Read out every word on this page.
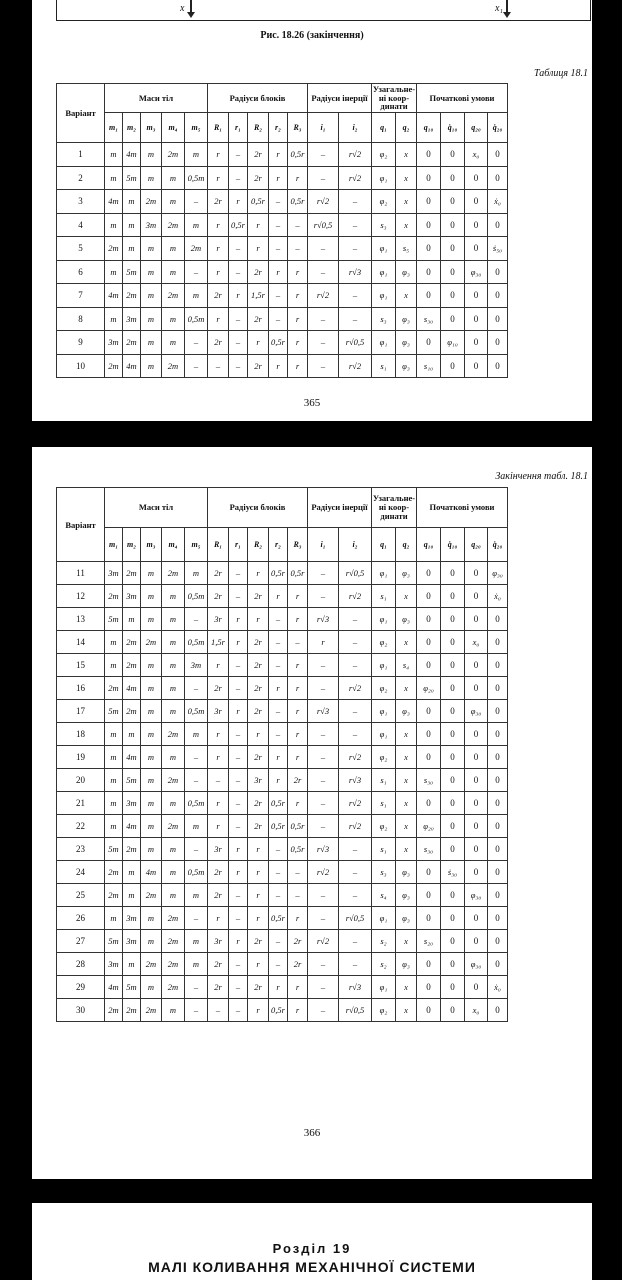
x	x₁
Рис. 18.26 (закінчення)
Таблиця 18.1
Варіант	Маси тіл					Радіуси блоків					Радіуси інерції		Узагальне-ні коор-динати		Початкові умови			
	m₁	m₂	m₃	m₄	m₅	R₁	r₁	R₂	r₂	R₃	i₁	i₂	q₁	q₂	q₁₀	q̇₁₀	q₂₀	q̇₂₀
1	m	4m	m	2m	m	r	–	2r	r	0,5r	–	r√2	φ₂	x	0	0	x₀	0
2	m	5m	m	m	0,5m	r	–	2r	r	r	–	r√2	φ₁	x	0	0	0	0
3	4m	m	2m	m	–	2r	r	0,5r	–	0,5r	r√2	–	φ₂	x	0	0	0	ẋ₀
4	m	m	3m	2m	m	r	0,5r	r	–	–	r√0,5	–	s₃	x	0	0	0	0
5	2m	m	m	m	2m	r	–	r	–	–	–	–	φ₁	s₅	0	0	0	ṡ₅₀
6	m	5m	m	m	–	r	–	2r	r	r	–	r√3	φ₁	φ₃	0	0	φ₃₀	0
7	4m	2m	m	2m	m	2r	r	1,5r	–	r	r√2	–	φ₁	x	0	0	0	0
8	m	3m	m	m	0,5m	r	–	2r	–	r	–	–	s₃	φ₃	s₃₀	0	0	0
9	3m	2m	m	m	–	2r	–	r	0,5r	r	–	r√0,5	φ₁	φ₃	0	φ₁₀	0	0
10	2m	4m	m	2m	–	–	–	2r	r	r	–	r√2	s₁	φ₃	s₁₀	0	0	0
365
Закінчення табл. 18.1
Варіант	Маси тіл					Радіуси блоків					Радіуси інерції		Узагальне-ні коор-динати		Початкові умови			
	m₁	m₂	m₃	m₄	m₅	R₁	r₁	R₂	r₂	R₃	i₁	i₂	q₁	q₂	q₁₀	q̇₁₀	q₂₀	q̇₂₀
11	3m	2m	m	2m	m	2r	–	r	0,5r	0,5r	–	r√0,5	φ₁	φ₃	0	0	0	φ₃₀
12	2m	3m	m	m	0,5m	2r	–	2r	r	r	–	r√2	s₁	x	0	0	0	ẋ₀
13	5m	m	m	m	–	3r	r	r	–	r	r√3	–	φ₁	φ₃	0	0	0	0
14	m	2m	2m	m	0,5m	1,5r	r	2r	–	–	r	–	φ₂	x	0	0	x₀	0
15	m	2m	m	m	3m	r	–	2r	–	r	–	–	φ₁	s₄	0	0	0	0
16	2m	4m	m	m	–	2r	–	2r	r	r	–	r√2	φ₂	x	φ₂₀	0	0	0
17	5m	2m	m	m	0,5m	3r	r	2r	–	r	r√3	–	φ₁	φ₃	0	0	φ₃₀	0
18	m	m	m	2m	m	r	–	r	–	r	–	–	φ₁	x	0	0	0	0
19	m	4m	m	m	–	r	–	2r	r	r	–	r√2	φ₂	x	0	0	0	0
20	m	5m	m	2m	–	–	–	3r	r	2r	–	r√3	s₁	x	s₃₀	0	0	0
21	m	3m	m	m	0,5m	r	–	2r	0,5r	r	–	r√2	s₁	x	0	0	0	0
22	m	4m	m	2m	m	r	–	2r	0,5r	0,5r	–	r√2	φ₂	x	φ₂₀	0	0	0
23	5m	2m	m	m	–	3r	r	r	–	0,5r	r√3	–	s₁	x	s₃₀	0	0	0
24	2m	m	4m	m	0,5m	2r	r	r	–	–	r√2	–	s₃	φ₃	0	ṡ₃₀	0	0
25	2m	m	2m	m	m	2r	–	r	–	–	–	–	s₄	φ₃	0	0	φ₃₀	0
26	m	3m	m	2m	–	r	–	r	0,5r	r	–	r√0,5	φ₁	φ₃	0	0	0	0
27	5m	3m	m	2m	m	3r	r	2r	–	2r	r√2	–	s₂	x	s₂₀	0	0	0
28	3m	m	2m	2m	m	2r	–	r	–	2r	–	–	s₂	φ₃	0	0	φ₃₀	0
29	4m	5m	m	2m	–	2r	–	2r	r	r	–	r√3	φ₁	x	0	0	0	ẋ₀
30	2m	2m	2m	m	–	–	–	r	0,5r	r	–	r√0,5	φ₂	x	0	0	x₀	0
366
Розділ 19
МАЛІ КОЛИВАННЯ МЕХАНІЧНОЇ СИСТЕМИ
